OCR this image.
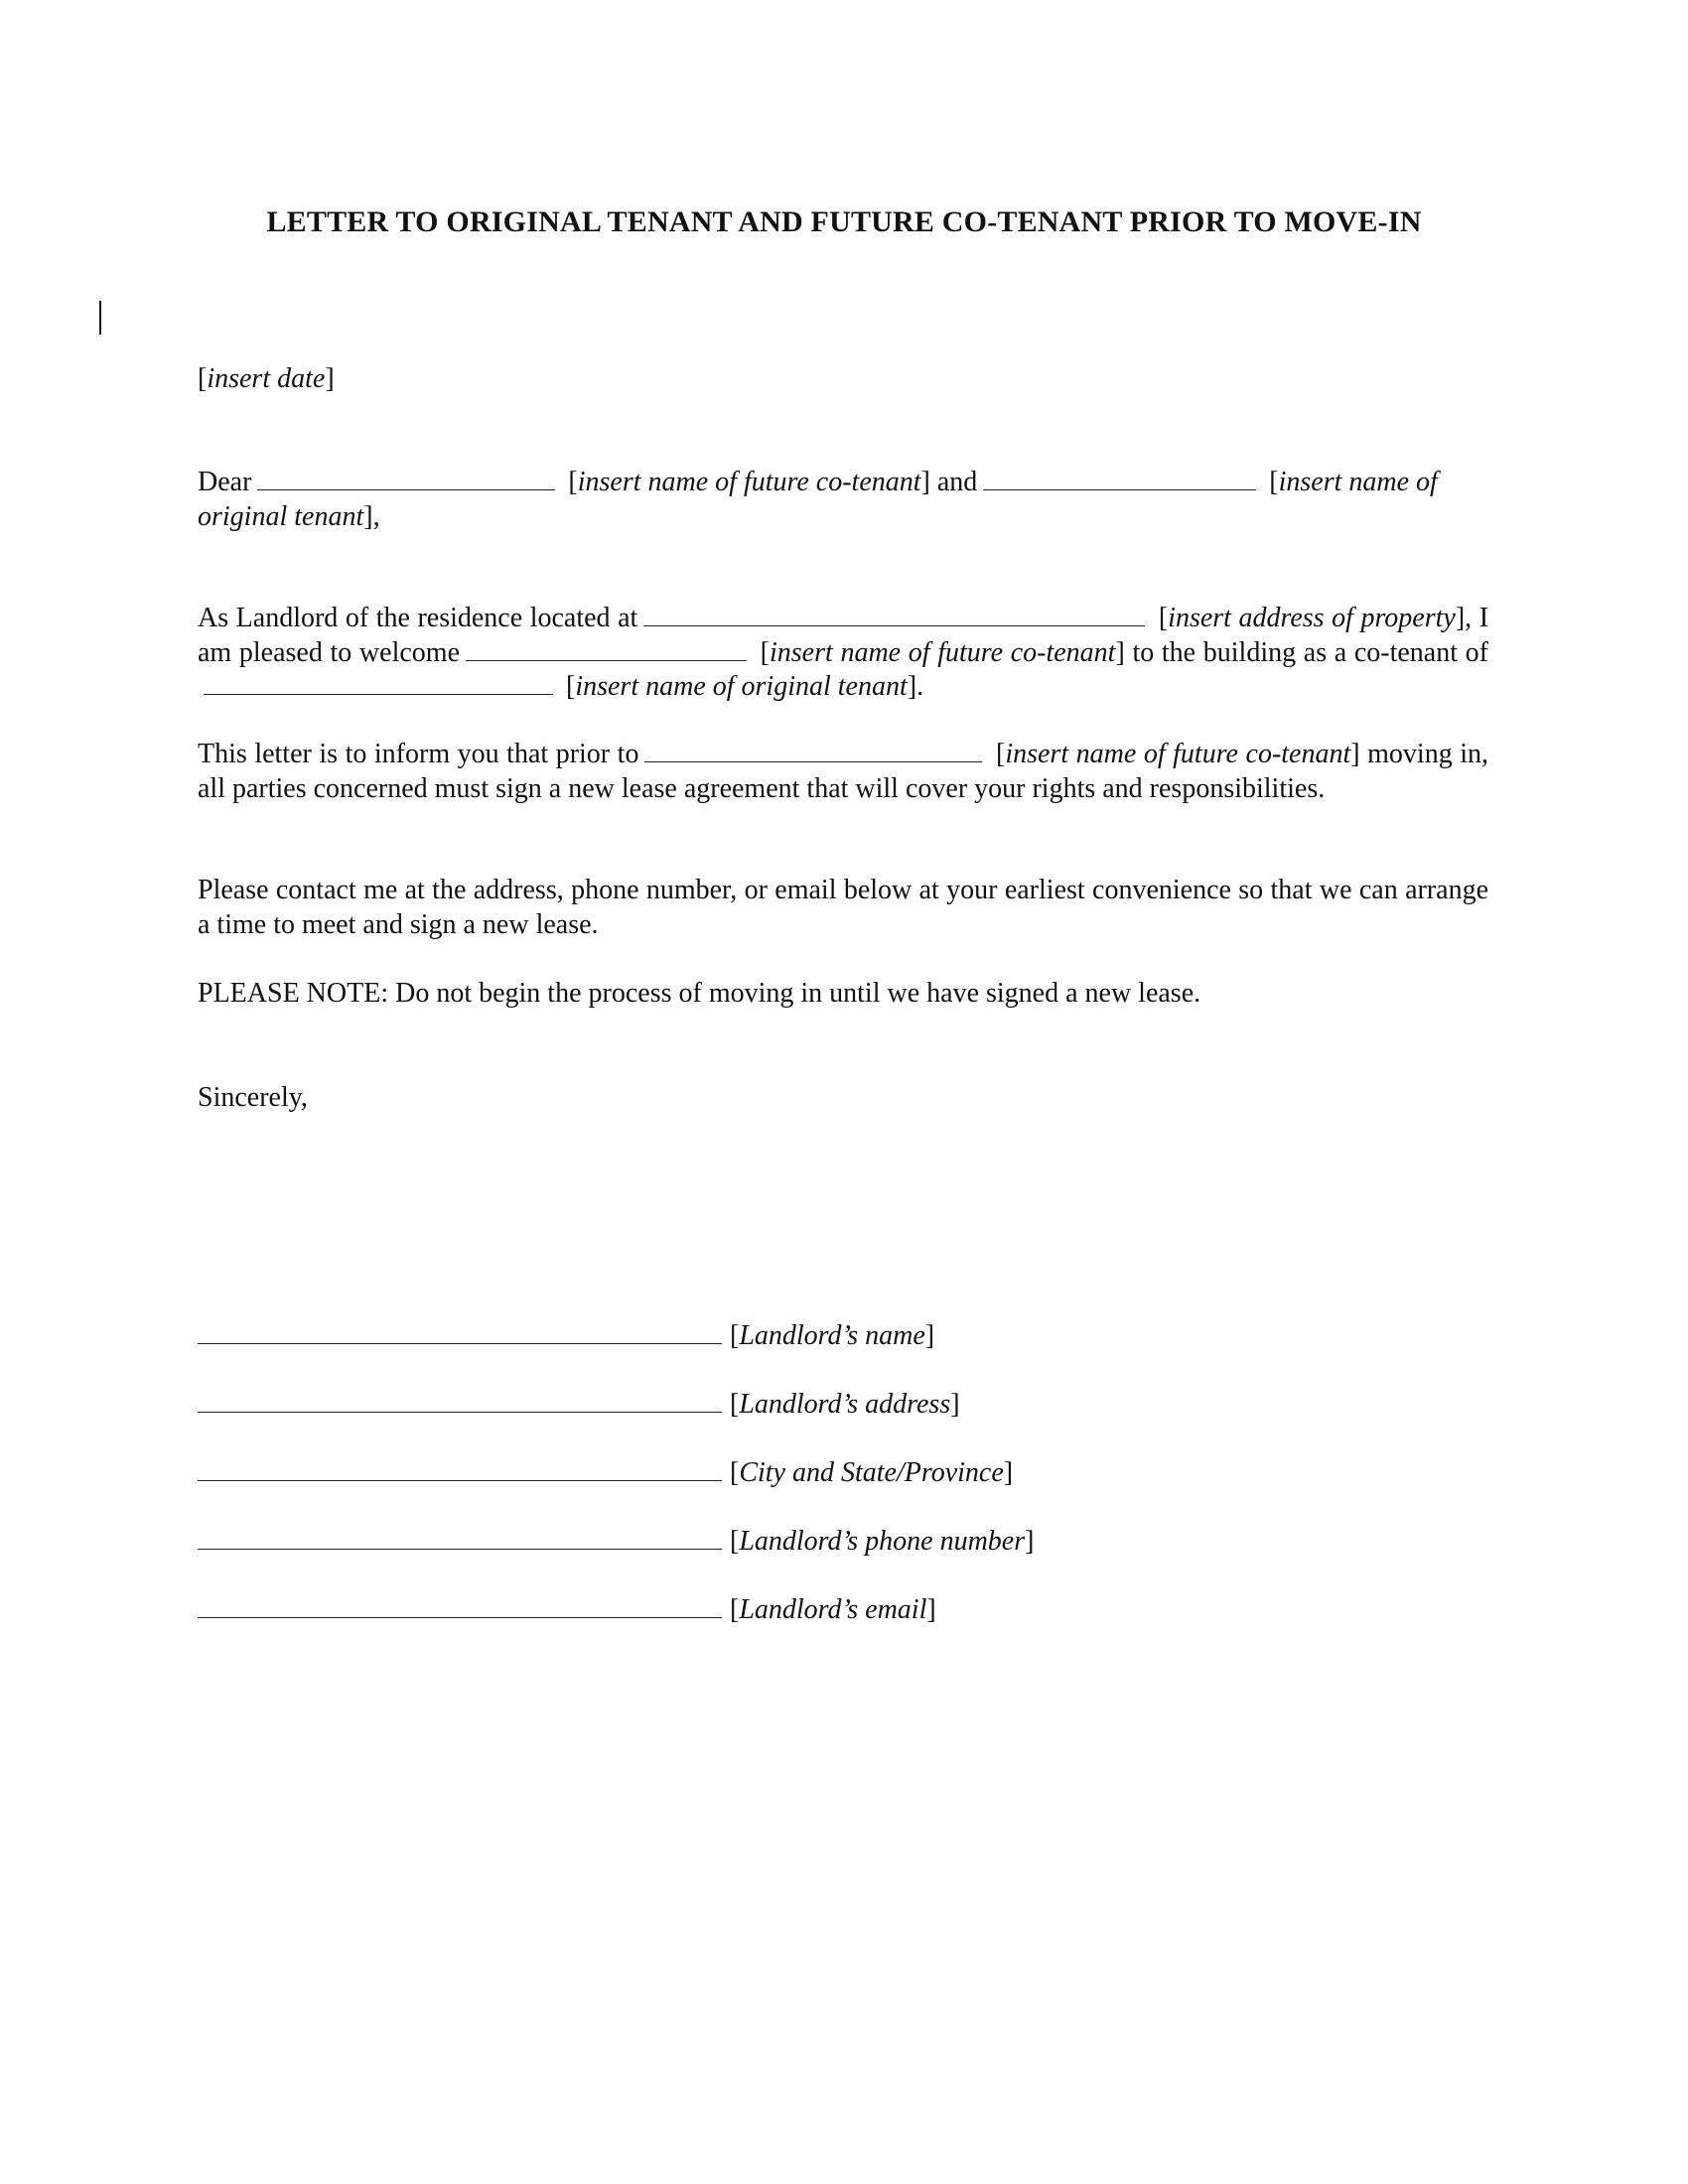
LETTER TO ORIGINAL TENANT AND FUTURE CO-TENANT PRIOR TO MOVE-IN
[insert date]
Dear	[insert name of future co-tenant] and	[insert name of
original tenant],
As Landlord of the residence located at	[insert address of property], I am pleased to welcome	[insert name of future co-tenant] to the building as a co-tenant of [insert name of original tenant].
This letter is to inform you that prior to	[insert name of future co-tenant] moving in, all parties concerned must sign a new lease agreement that will cover your rights and responsibilities.
Please contact me at the address, phone number, or email below at your earliest convenience so that we can arrange a time to meet and sign a new lease.
PLEASE NOTE: Do not begin the process of moving in until we have signed a new lease.
Sincerely,
[Landlord’s name]
[Landlord’s address]
[City and State/Province]
[Landlord’s phone number]
[Landlord’s email]
